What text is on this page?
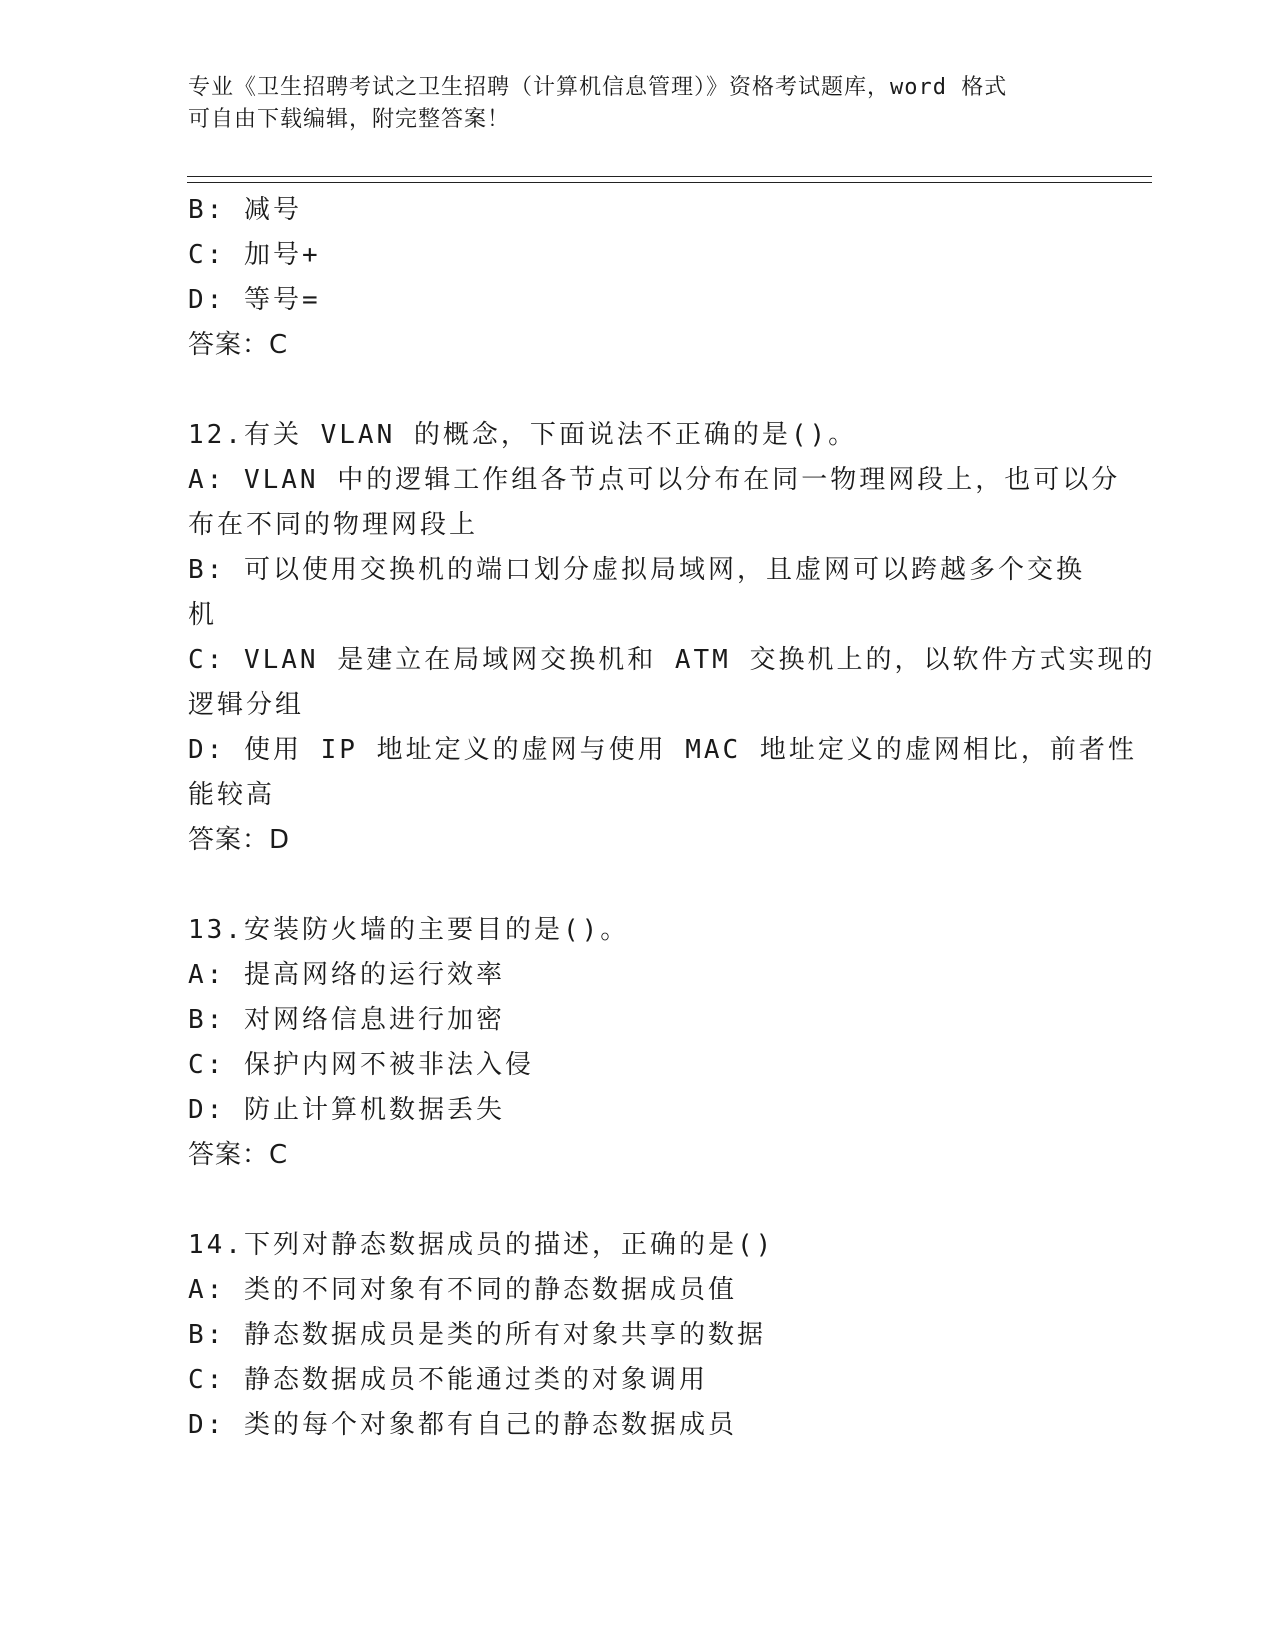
专业《卫生招聘考试之卫生招聘（计算机信息管理）》资格考试题库，word 格式
可自由下载编辑，附完整答案！
B: 减号
C: 加号+
D: 等号=
答案：C
12.有关 VLAN 的概念，下面说法不正确的是()。
A: VLAN 中的逻辑工作组各节点可以分布在同一物理网段上，也可以分
布在不同的物理网段上
B: 可以使用交换机的端口划分虚拟局域网，且虚网可以跨越多个交换
机
C: VLAN 是建立在局域网交换机和 ATM 交换机上的，以软件方式实现的
逻辑分组
D: 使用 IP 地址定义的虚网与使用 MAC 地址定义的虚网相比，前者性
能较高
答案：D
13.安装防火墙的主要目的是()。
A: 提高网络的运行效率
B: 对网络信息进行加密
C: 保护内网不被非法入侵
D: 防止计算机数据丢失
答案：C
14.下列对静态数据成员的描述，正确的是()
A: 类的不同对象有不同的静态数据成员值
B: 静态数据成员是类的所有对象共享的数据
C: 静态数据成员不能通过类的对象调用
D: 类的每个对象都有自己的静态数据成员
